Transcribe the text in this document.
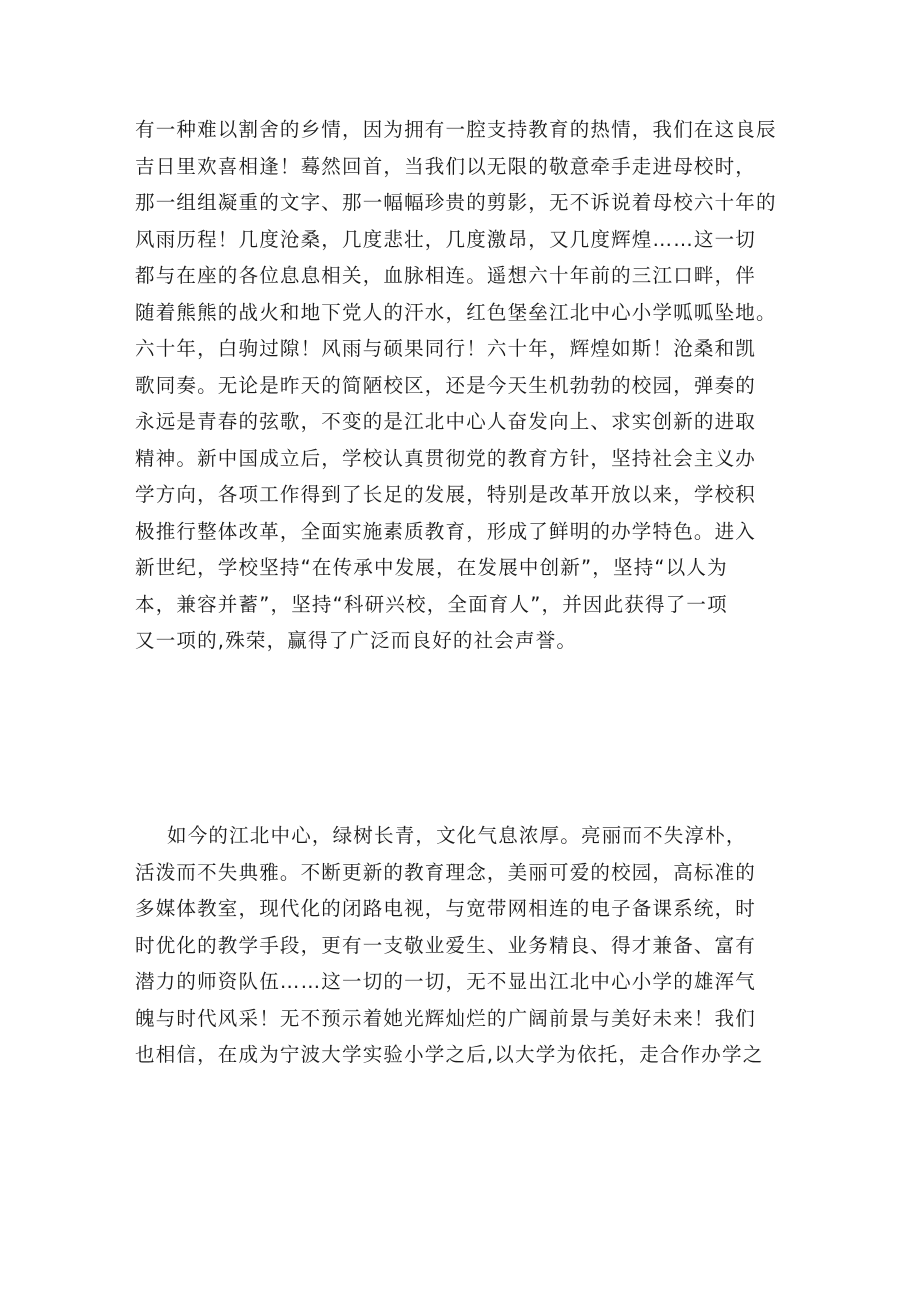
有一种难以割舍的乡情，因为拥有一腔支持教育的热情，我们在这良辰
吉日里欢喜相逢！蓦然回首，当我们以无限的敬意牵手走进母校时，
那一组组凝重的文字、那一幅幅珍贵的剪影，无不诉说着母校六十年的
风雨历程！几度沧桑，几度悲壮，几度激昂，又几度辉煌……这一切
都与在座的各位息息相关，血脉相连。遥想六十年前的三江口畔，伴
随着熊熊的战火和地下党人的汗水，红色堡垒江北中心小学呱呱坠地。
六十年，白驹过隙！风雨与硕果同行！六十年，辉煌如斯！沧桑和凯
歌同奏。无论是昨天的简陋校区，还是今天生机勃勃的校园，弹奏的
永远是青春的弦歌，不变的是江北中心人奋发向上、求实创新的进取
精神。新中国成立后，学校认真贯彻党的教育方针，坚持社会主义办
学方向，各项工作得到了长足的发展，特别是改革开放以来，学校积
极推行整体改革，全面实施素质教育，形成了鲜明的办学特色。进入
新世纪，学校坚持“在传承中发展，在发展中创新”，坚持“以人为
本，兼容并蓄”，坚持“科研兴校，全面育人”，并因此获得了一项
又一项的,殊荣，赢得了广泛而良好的社会声誉。
如今的江北中心，绿树长青，文化气息浓厚。亮丽而不失淳朴，
活泼而不失典雅。不断更新的教育理念，美丽可爱的校园，高标准的
多媒体教室，现代化的闭路电视，与宽带网相连的电子备课系统，时
时优化的教学手段，更有一支敬业爱生、业务精良、得才兼备、富有
潜力的师资队伍……这一切的一切，无不显出江北中心小学的雄浑气
魄与时代风采！无不预示着她光辉灿烂的广阔前景与美好未来！我们
也相信，在成为宁波大学实验小学之后,以大学为依托，走合作办学之
